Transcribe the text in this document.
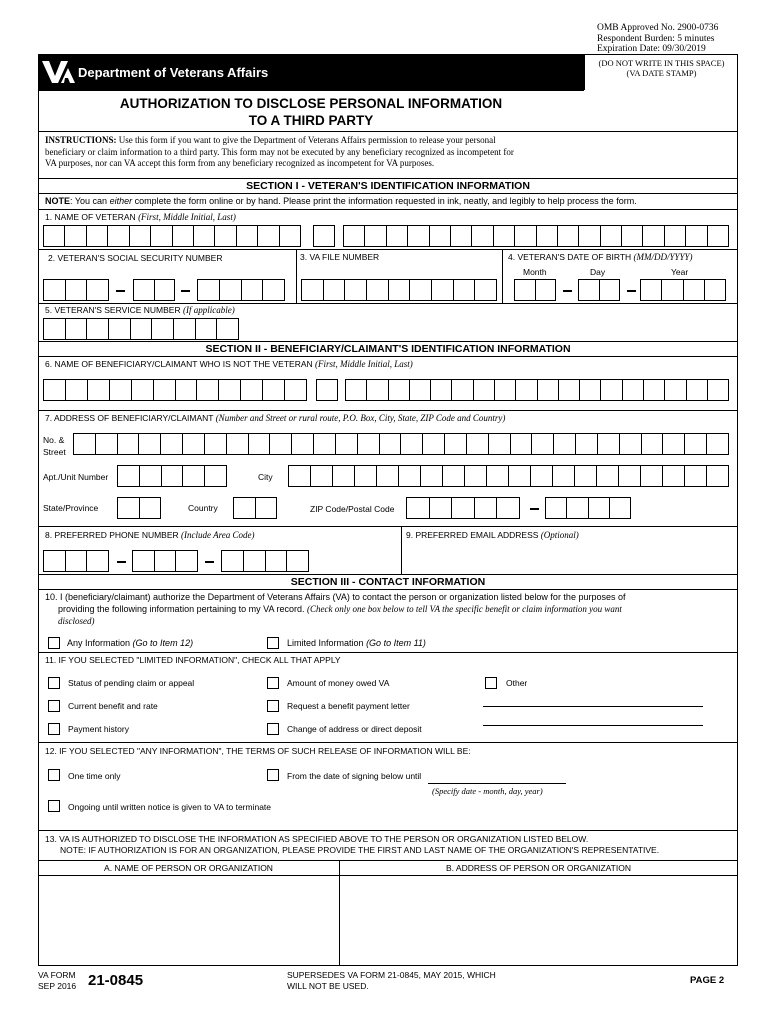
OMB Approved No. 2900-0736
Respondent Burden: 5 minutes
Expiration Date: 09/30/2019
Department of Veterans Affairs
(DO NOT WRITE IN THIS SPACE)
(VA DATE STAMP)
AUTHORIZATION TO DISCLOSE PERSONAL INFORMATION
TO A THIRD PARTY
INSTRUCTIONS: Use this form if you want to give the Department of Veterans Affairs permission to release your personal
beneficiary or claim information to a third party. This form may not be executed by any beneficiary recognized as incompetent for
VA purposes, nor can VA accept this form from any beneficiary recognized as incompetent for VA purposes.
SECTION I - VETERAN'S IDENTIFICATION INFORMATION
NOTE: You can either complete the form online or by hand. Please print the information requested in ink, neatly, and legibly to help process the form.
1. NAME OF VETERAN (First, Middle Initial, Last)
2. VETERAN'S SOCIAL SECURITY NUMBER	3. VA FILE NUMBER	4. VETERAN'S DATE OF BIRTH (MM/DD/YYYY)
Month	Day	Year
5. VETERAN'S SERVICE NUMBER (If applicable)
SECTION II - BENEFICIARY/CLAIMANT'S IDENTIFICATION INFORMATION
6. NAME OF BENEFICIARY/CLAIMANT WHO IS NOT THE VETERAN (First, Middle Initial, Last)
7. ADDRESS OF BENEFICIARY/CLAIMANT (Number and Street or rural route, P.O. Box, City, State, ZIP Code and Country)
No. &
Street
Apt./Unit Number	City
State/Province	Country	ZIP Code/Postal Code
8. PREFERRED PHONE NUMBER (Include Area Code)	9. PREFERRED EMAIL ADDRESS (Optional)
SECTION III - CONTACT INFORMATION
10. I (beneficiary/claimant) authorize the Department of Veterans Affairs (VA) to contact the person or organization listed below for the purposes of
providing the following information pertaining to my VA record. (Check only one box below to tell VA the specific benefit or claim information you want
disclosed)
Any Information (Go to Item 12)	Limited Information (Go to Item 11)
11. IF YOU SELECTED "LIMITED INFORMATION", CHECK ALL THAT APPLY
Status of pending claim or appeal	Amount of money owed VA	Other
Current benefit and rate	Request a benefit payment letter
Payment history	Change of address or direct deposit
12. IF YOU SELECTED "ANY INFORMATION", THE TERMS OF SUCH RELEASE OF INFORMATION WILL BE:
One time only	From the date of signing below until
(Specify date - month, day, year)
Ongoing until written notice is given to VA to terminate
13. VA IS AUTHORIZED TO DISCLOSE THE INFORMATION AS SPECIFIED ABOVE TO THE PERSON OR ORGANIZATION LISTED BELOW.
NOTE: IF AUTHORIZATION IS FOR AN ORGANIZATION, PLEASE PROVIDE THE FIRST AND LAST NAME OF THE ORGANIZATION'S REPRESENTATIVE.
A. NAME OF PERSON OR ORGANIZATION	B. ADDRESS OF PERSON OR ORGANIZATION
VA FORM
SEP 2016 21-0845	SUPERSEDES VA FORM 21-0845, MAY 2015, WHICH
WILL NOT BE USED.	PAGE 2
